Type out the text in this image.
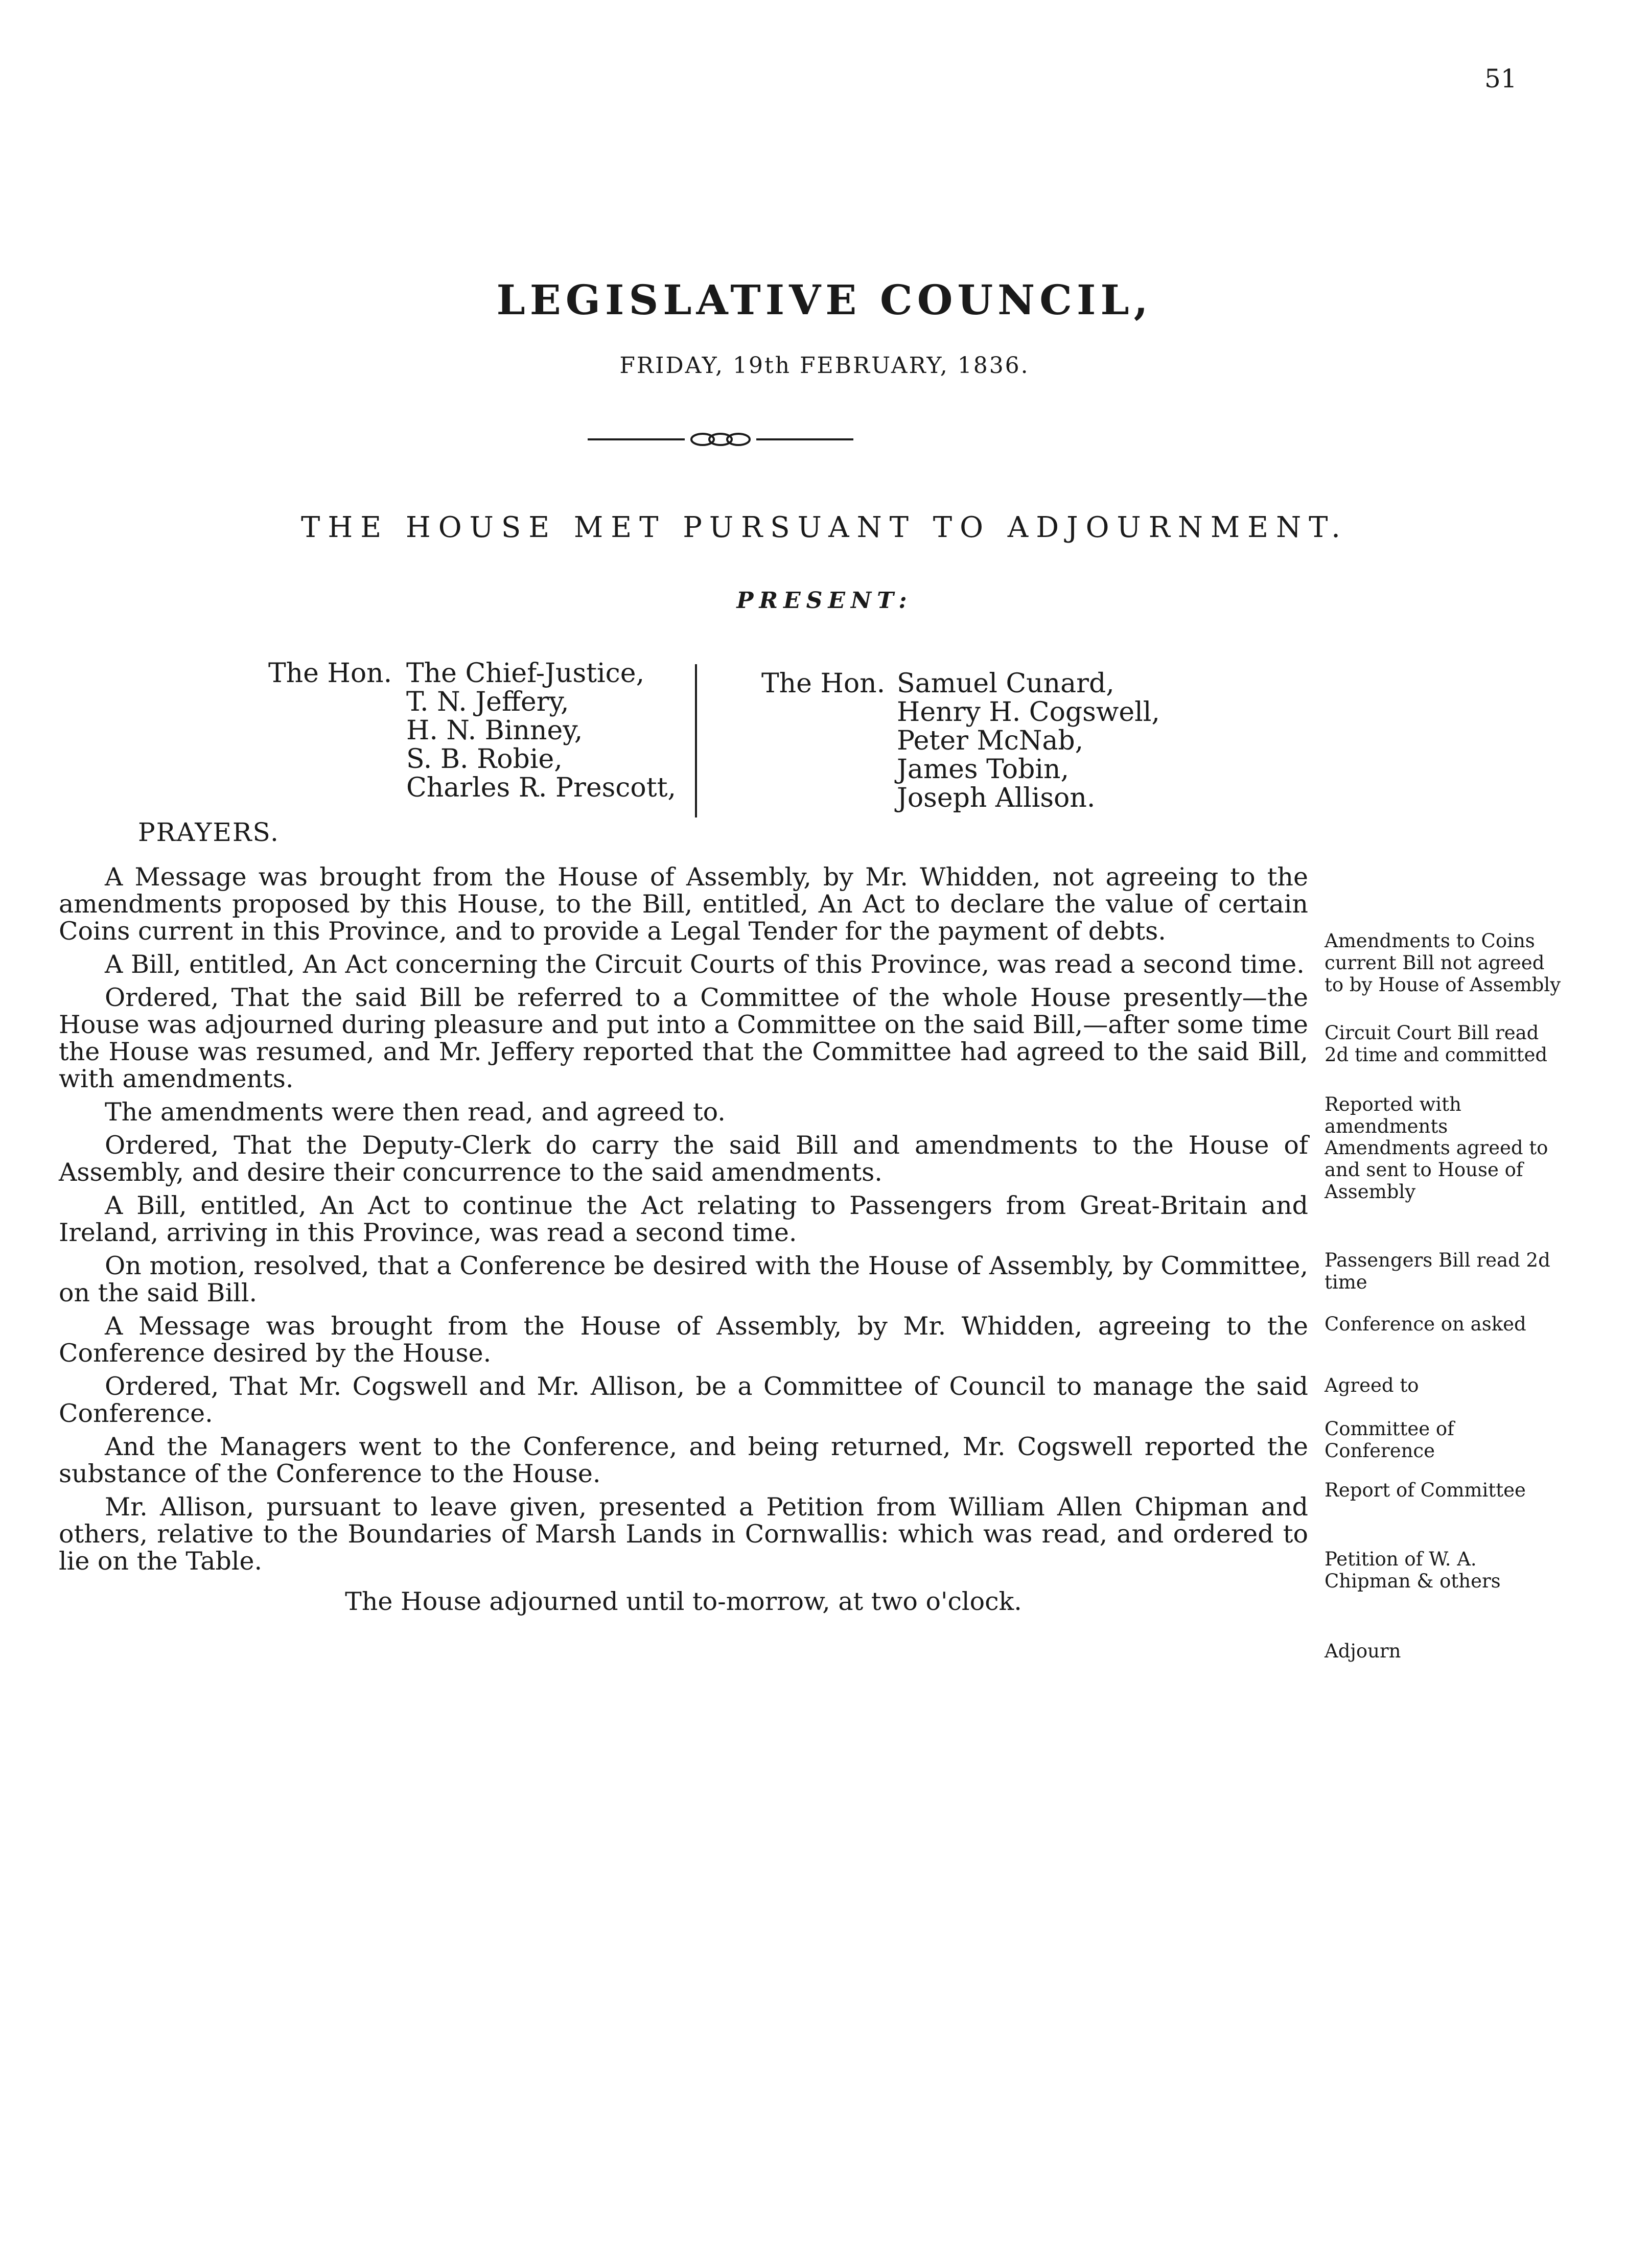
51
LEGISLATIVE COUNCIL,
FRIDAY, 19th FEBRUARY, 1836.
THE HOUSE MET PURSUANT TO ADJOURNMENT.
PRESENT:
The Hon. The Chief-Justice,
T. N. Jeffery,
H. N. Binney,
S. B. Robie,
Charles R. Prescott,
The Hon. Samuel Cunard,
Henry H. Cogswell,
Peter McNab,
James Tobin,
Joseph Allison.
PRAYERS.

A Message was brought from the House of Assembly, by Mr. Whidden, not agreeing to the amendments proposed by this House, to the Bill, entitled, An Act to declare the value of certain Coins current in this Province, and to provide a Legal Tender for the payment of debts.

A Bill, entitled, An Act concerning the Circuit Courts of this Province, was read a second time.

Ordered, That the said Bill be referred to a Committee of the whole House presently—the House was adjourned during pleasure and put into a Committee on the said Bill,—after some time the House was resumed, and Mr. Jeffery reported that the Committee had agreed to the said Bill, with amendments.

The amendments were then read, and agreed to.

Ordered, That the Deputy-Clerk do carry the said Bill and amendments to the House of Assembly, and desire their concurrence to the said amendments.

A Bill, entitled, An Act to continue the Act relating to Passengers from Great-Britain and Ireland, arriving in this Province, was read a second time.

On motion, resolved, that a Conference be desired with the House of Assembly, by Committee, on the said Bill.

A Message was brought from the House of Assembly, by Mr. Whidden, agreeing to the Conference desired by the House.

Ordered, That Mr. Cogswell and Mr. Allison, be a Committee of Council to manage the said Conference.

And the Managers went to the Conference, and being returned, Mr. Cogswell reported the substance of the Conference to the House.

Mr. Allison, pursuant to leave given, presented a Petition from William Allen Chipman and others, relative to the Boundaries of Marsh Lands in Cornwallis: which was read, and ordered to lie on the Table.

The House adjourned until to-morrow, at two o'clock.

Amendments to Coins current Bill not agreed to by House of Assembly
Circuit Court Bill read 2d time and committed
Reported with amendments
Amendments agreed to and sent to House of Assembly
Passengers Bill read 2d time
Conference on asked
Agreed to
Committee of Conference
Report of Committee
Petition of W. A. Chipman & others
Adjourn
